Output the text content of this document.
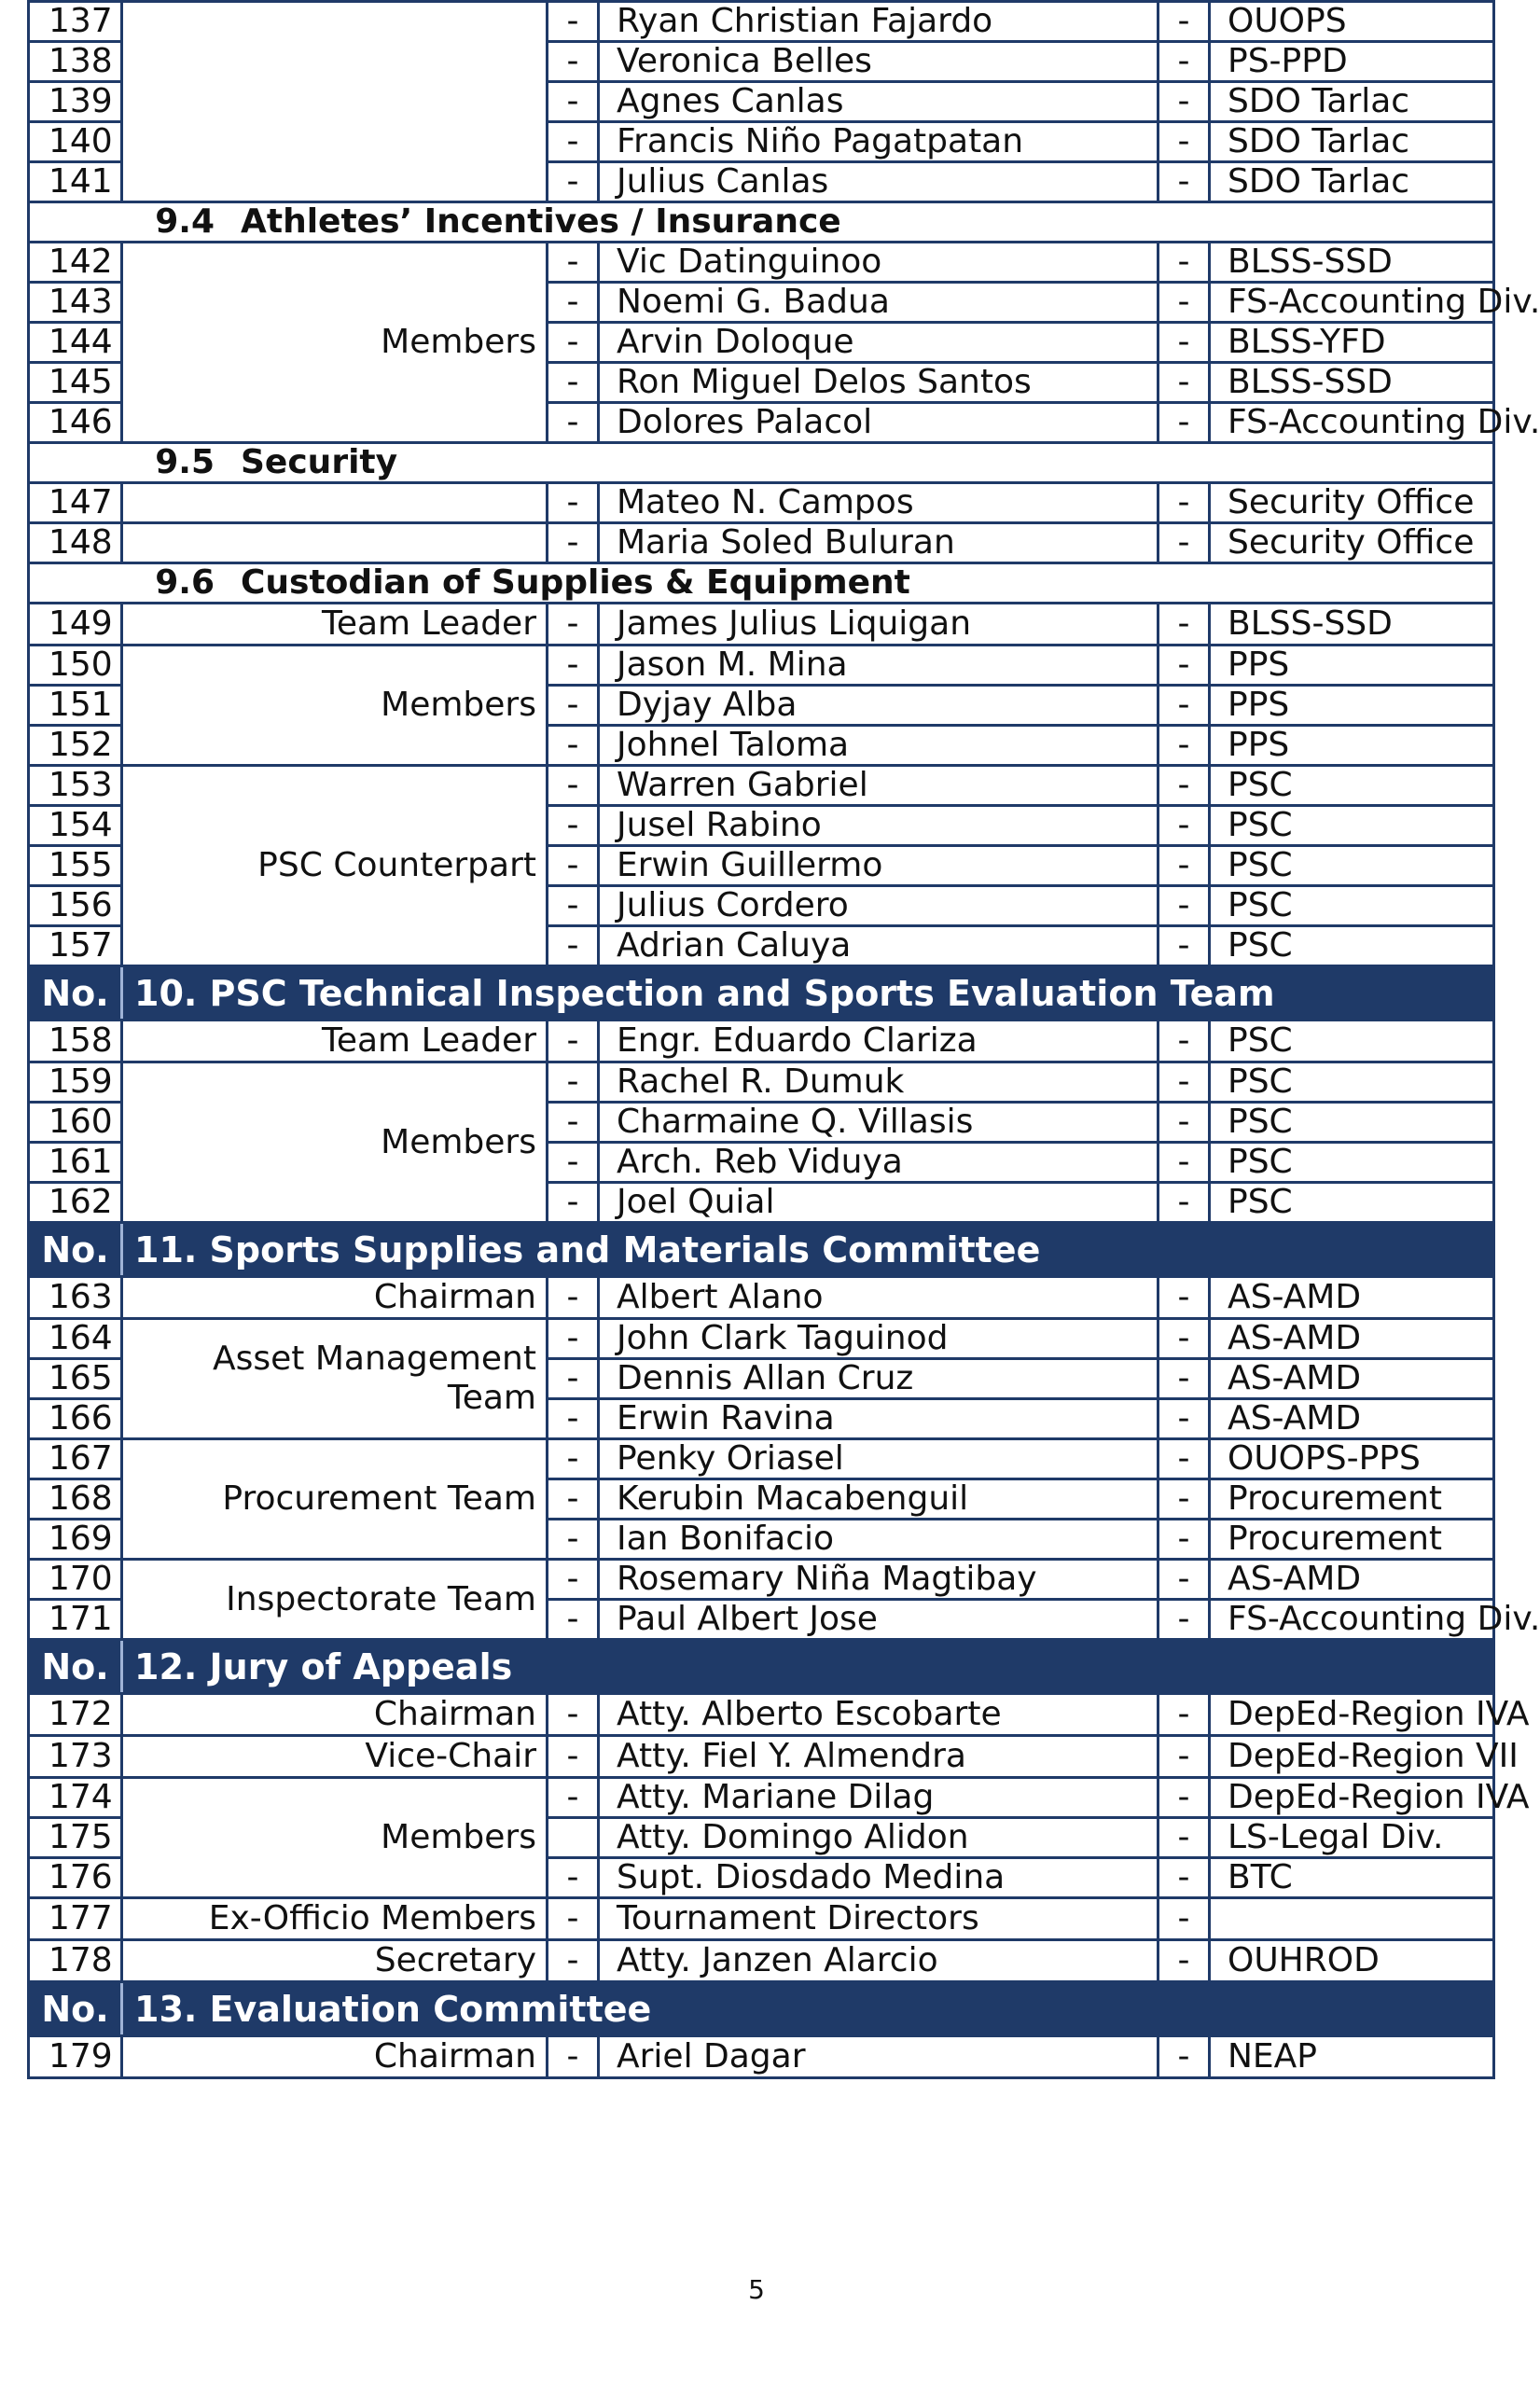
137		-	Ryan Christian Fajardo	-	OUOPS
138		-	Veronica Belles	-	PS-PPD
139		-	Agnes Canlas	-	SDO Tarlac
140		-	Francis Niño Pagatpatan	-	SDO Tarlac
141		-	Julius Canlas	-	SDO Tarlac
9.4 Athletes’ Incentives / Insurance					
142	Members	-	Vic Datinguinoo	-	BLSS-SSD
143		-	Noemi G. Badua	-	FS-Accounting Div.
144		-	Arvin Doloque	-	BLSS-YFD
145		-	Ron Miguel Delos Santos	-	BLSS-SSD
146		-	Dolores Palacol	-	FS-Accounting Div.
9.5 Security					
147		-	Mateo N. Campos	-	Security Office
148		-	Maria Soled Buluran	-	Security Office
9.6 Custodian of Supplies & Equipment					
149	Team Leader	-	James Julius Liquigan	-	BLSS-SSD
150	Members	-	Jason M. Mina	-	PPS
151		-	Dyjay Alba	-	PPS
152		-	Johnel Taloma	-	PPS
153	PSC Counterpart	-	Warren Gabriel	-	PSC
154		-	Jusel Rabino	-	PSC
155		-	Erwin Guillermo	-	PSC
156		-	Julius Cordero	-	PSC
157		-	Adrian Caluya	-	PSC
No.	10. PSC Technical Inspection and Sports Evaluation Team				
158	Team Leader	-	Engr. Eduardo Clariza	-	PSC
159	Members	-	Rachel R. Dumuk	-	PSC
160		-	Charmaine Q. Villasis	-	PSC
161		-	Arch. Reb Viduya	-	PSC
162		-	Joel Quial	-	PSC
No.	11. Sports Supplies and Materials Committee				
163	Chairman	-	Albert Alano	-	AS-AMD
164	Asset Management Team	-	John Clark Taguinod	-	AS-AMD
165		-	Dennis Allan Cruz	-	AS-AMD
166		-	Erwin Ravina	-	AS-AMD
167	Procurement Team	-	Penky Oriasel	-	OUOPS-PPS
168		-	Kerubin Macabenguil	-	Procurement
169		-	Ian Bonifacio	-	Procurement
170	Inspectorate Team	-	Rosemary Niña Magtibay	-	AS-AMD
171		-	Paul Albert Jose	-	FS-Accounting Div.
No.	12. Jury of Appeals				
172	Chairman	-	Atty. Alberto Escobarte	-	DepEd-Region IVA
173	Vice-Chair	-	Atty. Fiel Y. Almendra	-	DepEd-Region VII
174	Members	-	Atty. Mariane Dilag	-	DepEd-Region IVA
175			Atty. Domingo Alidon	-	LS-Legal Div.
176		-	Supt. Diosdado Medina	-	BTC
177	Ex-Officio Members	-	Tournament Directors	-	
178	Secretary	-	Atty. Janzen Alarcio	-	OUHROD
No.	13. Evaluation Committee				
179	Chairman	-	Ariel Dagar	-	NEAP
5
